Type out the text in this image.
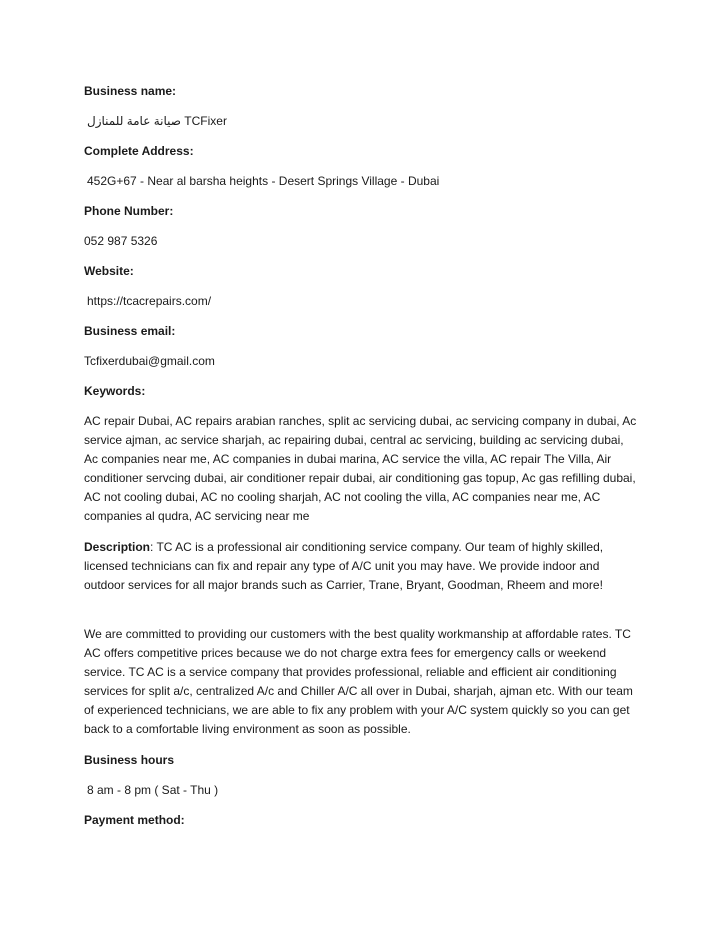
Business name:

صيانة عامة للمنازل TCFixer

Complete Address:

452G+67 - Near al barsha heights - Desert Springs Village - Dubai

Phone Number:

052 987 5326

Website:

https://tcacrepairs.com/

Business email:

Tcfixerdubai@gmail.com

Keywords:

AC repair Dubai, AC repairs arabian ranches, split ac servicing dubai, ac servicing company in dubai, Ac service ajman, ac service sharjah, ac repairing dubai, central ac servicing, building ac servicing dubai, Ac companies near me, AC companies in dubai marina, AC service the villa, AC repair The Villa, Air conditioner servcing dubai, air conditioner repair dubai, air conditioning gas topup, Ac gas refilling dubai, AC not cooling dubai, AC no cooling sharjah, AC not cooling the villa, AC companies near me, AC companies al qudra, AC servicing near me

Description: TC AC is a professional air conditioning service company. Our team of highly skilled, licensed technicians can fix and repair any type of A/C unit you may have. We provide indoor and outdoor services for all major brands such as Carrier, Trane, Bryant, Goodman, Rheem and more!

We are committed to providing our customers with the best quality workmanship at affordable rates. TC AC offers competitive prices because we do not charge extra fees for emergency calls or weekend service. TC AC is a service company that provides professional, reliable and efficient air conditioning services for split a/c, centralized A/c and Chiller A/C all over in Dubai, sharjah, ajman etc. With our team of experienced technicians, we are able to fix any problem with your A/C system quickly so you can get back to a comfortable living environment as soon as possible.

Business hours

8 am - 8 pm ( Sat - Thu )

Payment method:
